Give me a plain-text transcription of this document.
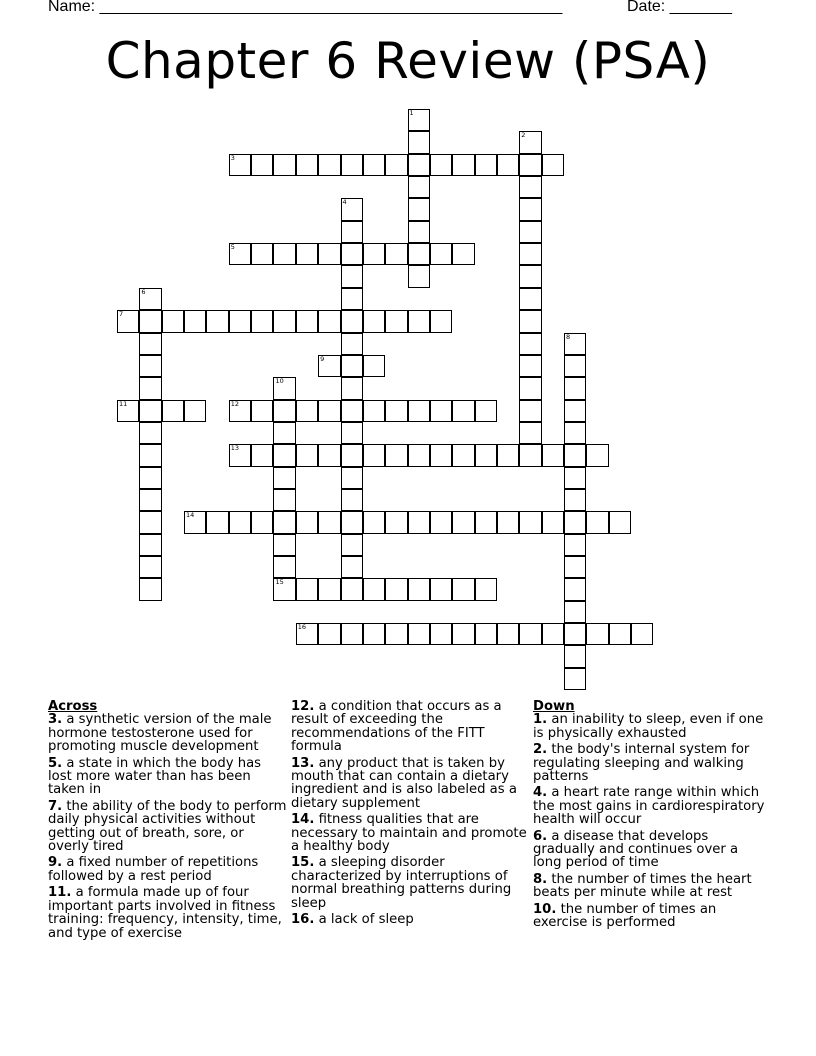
Name: ____________________________________________________	Date: _______
Chapter 6 Review (PSA)
3
5
7
9
11	12
13
14
15
16
1
2
4
6
8
10
Across
3. a synthetic version of the male hormone testosterone used for promoting muscle development
5. a state in which the body has lost more water than has been taken in
7. the ability of the body to perform daily physical activities without getting out of breath, sore, or overly tired
9. a fixed number of repetitions followed by a rest period
11. a formula made up of four important parts involved in fitness training: frequency, intensity, time, and type of exercise
12. a condition that occurs as a result of exceeding the recommendations of the FITT formula
13. any product that is taken by mouth that can contain a dietary ingredient and is also labeled as a dietary supplement
14. fitness qualities that are necessary to maintain and promote a healthy body
15. a sleeping disorder characterized by interruptions of normal breathing patterns during sleep
16. a lack of sleep
Down
1. an inability to sleep, even if one is physically exhausted
2. the body's internal system for regulating sleeping and walking patterns
4. a heart rate range within which the most gains in cardiorespiratory health will occur
6. a disease that develops gradually and continues over a long period of time
8. the number of times the heart beats per minute while at rest
10. the number of times an exercise is performed
